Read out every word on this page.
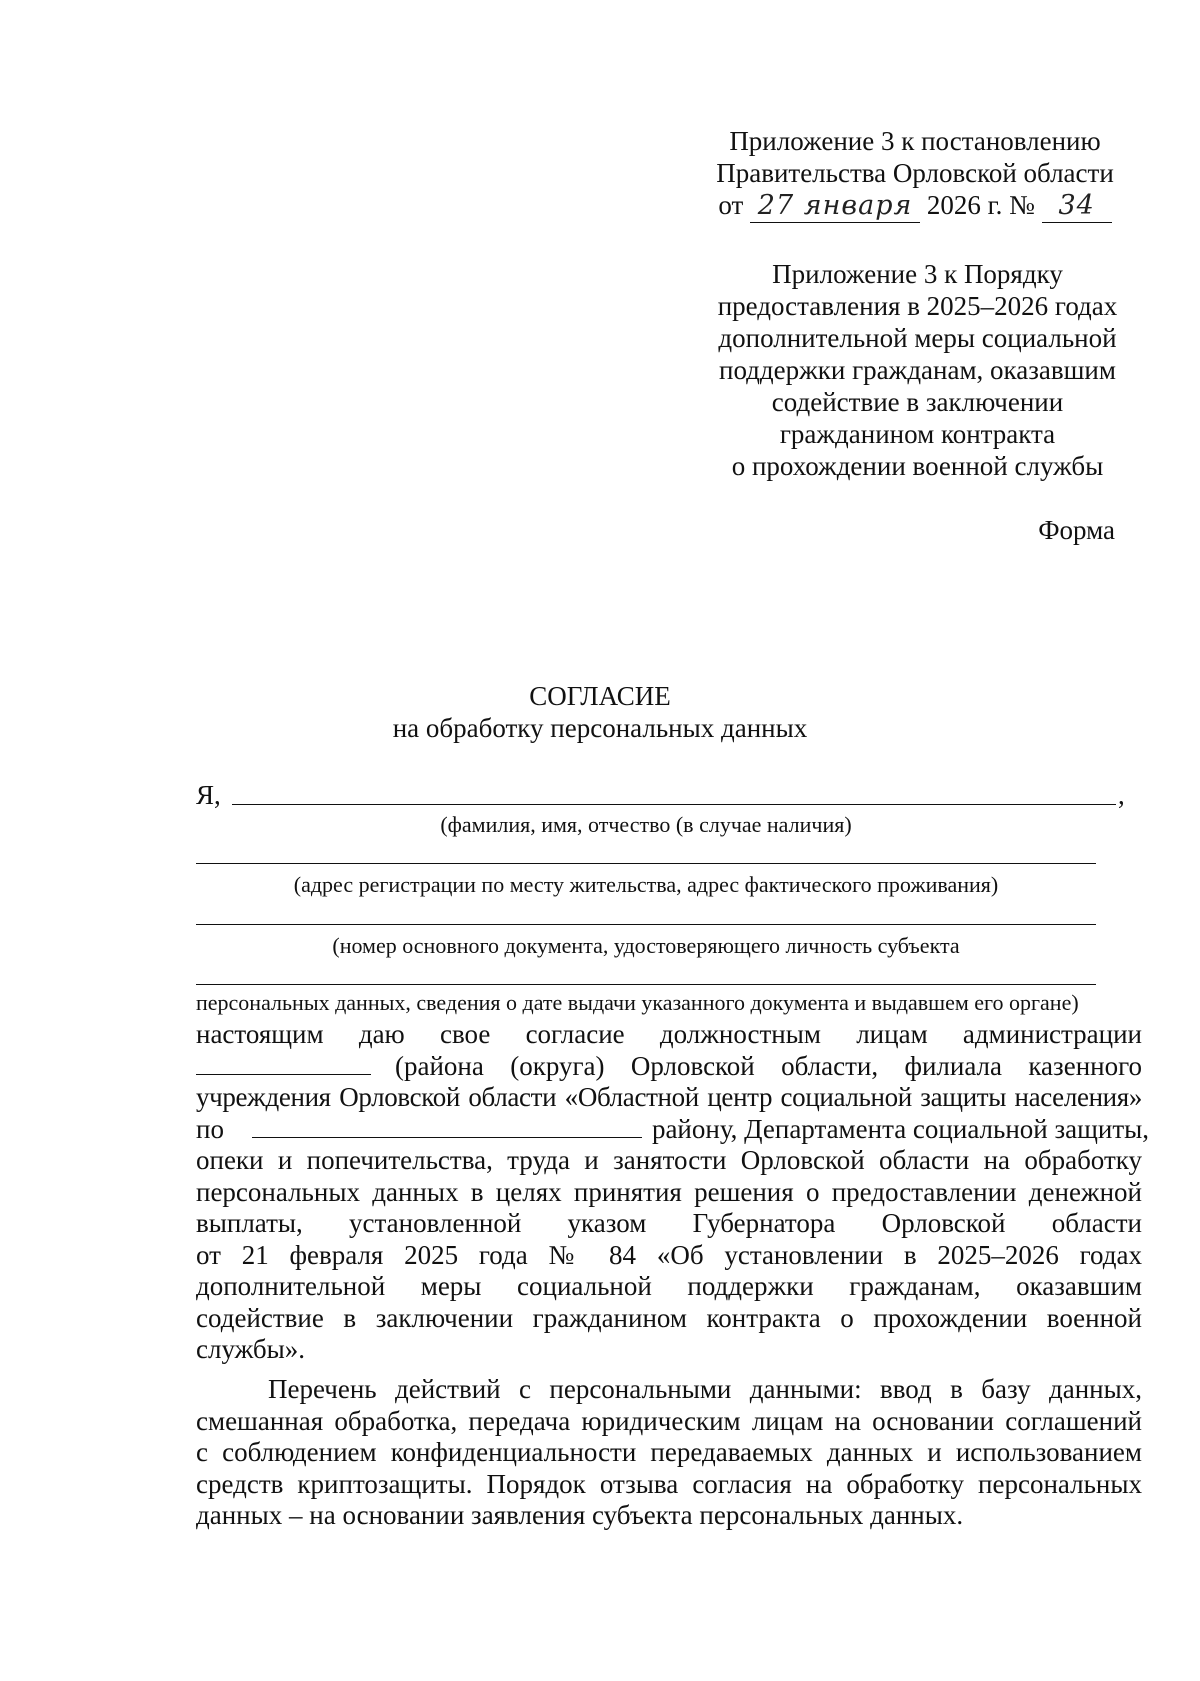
Приложение 3 к постановлению
Правительства Орловской области
от 27 января 2026 г. № 34
Приложение 3 к Порядку
предоставления в 2025–2026 годах
дополнительной меры социальной
поддержки гражданам, оказавшим
содействие в заключении
гражданином контракта
о прохождении военной службы
Форма
СОГЛАСИЕ
на обработку персональных данных
Я,	,
(фамилия, имя, отчество (в случае наличия)
(адрес регистрации по месту жительства, адрес фактического проживания)
(номер основного документа, удостоверяющего личность субъекта
персональных данных, сведения о дате выдачи указанного документа и выдавшем его органе)
настоящим даю свое согласие должностным лицам администрации
(района (округа) Орловской области, филиала казенного
учреждения Орловской области «Областной центр социальной защиты населения»
по	району, Департамента социальной защиты,
опеки и попечительства, труда и занятости Орловской области на обработку
персональных данных в целях принятия решения о предоставлении денежной
выплаты, установленной указом Губернатора Орловской области
от 21 февраля 2025 года № 84 «Об установлении в 2025–2026 годах
дополнительной меры социальной поддержки гражданам, оказавшим
содействие в заключении гражданином контракта о прохождении военной
службы».
Перечень действий с персональными данными: ввод в базу данных,
смешанная обработка, передача юридическим лицам на основании соглашений
с соблюдением конфиденциальности передаваемых данных и использованием
средств криптозащиты. Порядок отзыва согласия на обработку персональных
данных – на основании заявления субъекта персональных данных.
